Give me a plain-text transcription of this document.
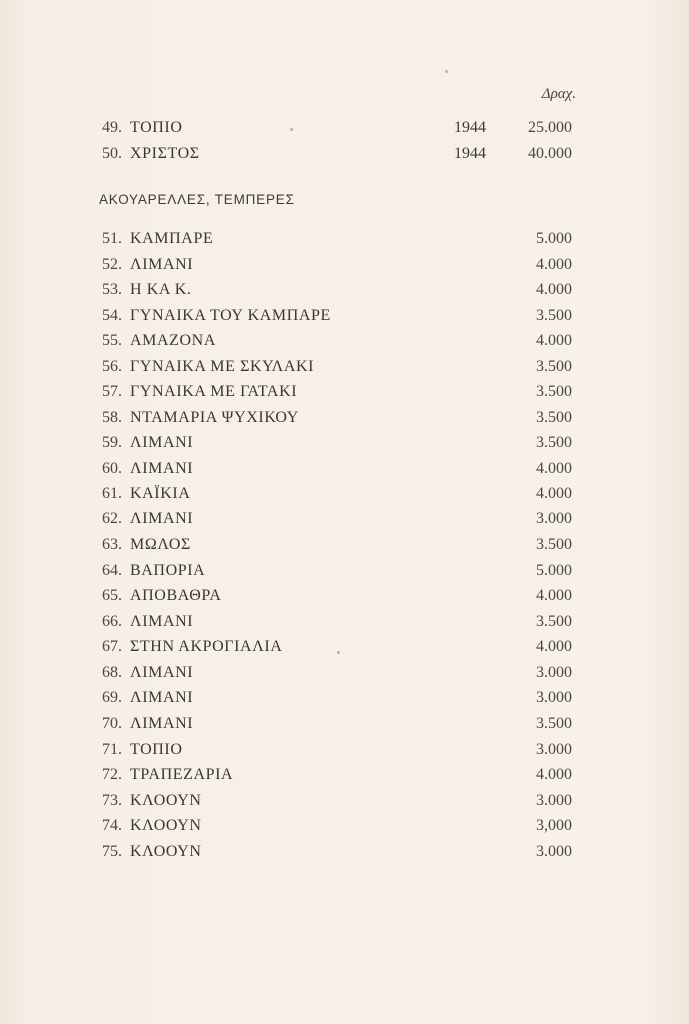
Δραχ.
49. ΤΟΠΙΟ	1944	25.000
50. ΧΡΙΣΤΟΣ	1944	40.000
ΑΚΟΥΑΡΕΛΛΕΣ, ΤΕΜΠΕΡΕΣ
51. ΚΑΜΠΑΡΕ	5.000
52. ΛΙΜΑΝΙ	4.000
53. Η ΚΑ Κ.	4.000
54. ΓΥΝΑΙΚΑ ΤΟΥ ΚΑΜΠΑΡΕ	3.500
55. ΑΜΑΖΟΝΑ	4.000
56. ΓΥΝΑΙΚΑ ΜΕ ΣΚΥΛΑΚΙ	3.500
57. ΓΥΝΑΙΚΑ ΜΕ ΓΑΤΑΚΙ	3.500
58. ΝΤΑΜΑΡΙΑ ΨΥΧΙΚΟΥ	3.500
59. ΛΙΜΑΝΙ	3.500
60. ΛΙΜΑΝΙ	4.000
61. ΚΑΪΚΙΑ	4.000
62. ΛΙΜΑΝΙ	3.000
63. ΜΩΛΟΣ	3.500
64. ΒΑΠΟΡΙΑ	5.000
65. ΑΠΟΒΑΘΡΑ	4.000
66. ΛΙΜΑΝΙ	3.500
67. ΣΤΗΝ ΑΚΡΟΓΙΑΛΙΑ	4.000
68. ΛΙΜΑΝΙ	3.000
69. ΛΙΜΑΝΙ	3.000
70. ΛΙΜΑΝΙ	3.500
71. ΤΟΠΙΟ	3.000
72. ΤΡΑΠΕΖΑΡΙΑ	4.000
73. ΚΛΟΟΥΝ	3.000
74. ΚΛΟΟΥΝ	3,000
75. ΚΛΟΟΥΝ	3.000
